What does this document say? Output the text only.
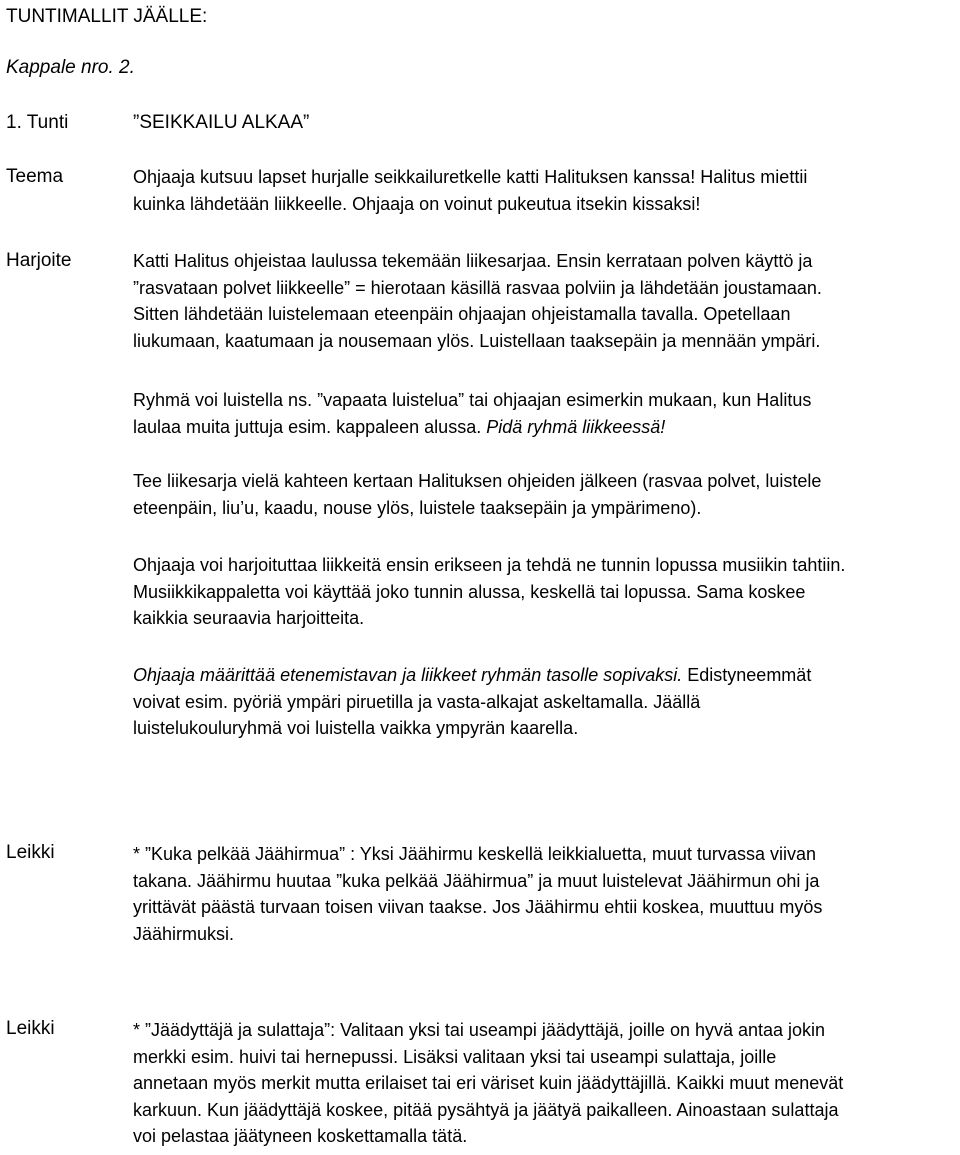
TUNTIMALLIT JÄÄLLE:
Kappale nro. 2.
1. Tunti	”SEIKKAILU ALKAA”
Teema	Ohjaaja kutsuu lapset hurjalle seikkailuretkelle katti Halituksen kanssa! Halitus miettii
kuinka lähdetään liikkeelle. Ohjaaja on voinut pukeutua itsekin kissaksi!
Harjoite	Katti Halitus ohjeistaa laulussa tekemään liikesarjaa. Ensin kerrataan polven käyttö ja
”rasvataan polvet liikkeelle” = hierotaan käsillä rasvaa polviin ja lähdetään joustamaan.
Sitten lähdetään luistelemaan eteenpäin ohjaajan ohjeistamalla tavalla. Opetellaan
liukumaan, kaatumaan ja nousemaan ylös. Luistellaan taaksepäin ja mennään ympäri.
Ryhmä voi luistella ns. ”vapaata luistelua” tai ohjaajan esimerkin mukaan, kun Halitus
laulaa muita juttuja esim. kappaleen alussa. Pidä ryhmä liikkeessä!
Tee liikesarja vielä kahteen kertaan Halituksen ohjeiden jälkeen (rasvaa polvet, luistele
eteenpäin, liu’u, kaadu, nouse ylös, luistele taaksepäin ja ympärimeno).
Ohjaaja voi harjoituttaa liikkeitä ensin erikseen ja tehdä ne tunnin lopussa musiikin tahtiin.
Musiikkikappaletta voi käyttää joko tunnin alussa, keskellä tai lopussa. Sama koskee
kaikkia seuraavia harjoitteita.
Ohjaaja määrittää etenemistavan ja liikkeet ryhmän tasolle sopivaksi. Edistyneemmät
voivat esim. pyöriä ympäri piruetilla ja vasta-alkajat askeltamalla. Jäällä
luistelukouluryhmä voi luistella vaikka ympyrän kaarella.
Leikki	* ”Kuka pelkää Jäähirmua” : Yksi Jäähirmu keskellä leikkialuetta, muut turvassa viivan
takana. Jäähirmu huutaa ”kuka pelkää Jäähirmua” ja muut luistelevat Jäähirmun ohi ja
yrittävät päästä turvaan toisen viivan taakse. Jos Jäähirmu ehtii koskea, muuttuu myös
Jäähirmuksi.
Leikki	* ”Jäädyttäjä ja sulattaja”: Valitaan yksi tai useampi jäädyttäjä, joille on hyvä antaa jokin
merkki esim. huivi tai hernepussi. Lisäksi valitaan yksi tai useampi sulattaja, joille
annetaan myös merkit mutta erilaiset tai eri väriset kuin jäädyttäjillä. Kaikki muut menevät
karkuun. Kun jäädyttäjä koskee, pitää pysähtyä ja jäätyä paikalleen. Ainoastaan sulattaja
voi pelastaa jäätyneen koskettamalla tätä.
